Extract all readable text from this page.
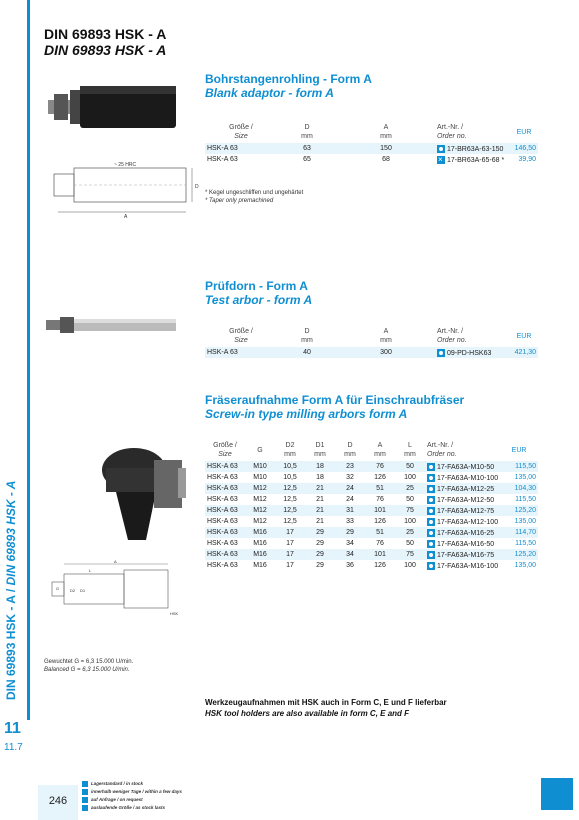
DIN 69893 HSK - A / DIN 69893 HSK - A
11
11.7
DIN 69893 HSK - A
DIN 69893 HSK - A
Bohrstangenrohling - Form A
Blank adaptor - form A
~ 25 HRC
D
A
Größe /
Size	D
mm	A
mm	Art.-Nr. /
Order no.	EUR
HSK-A 63	63	150	17-BR63A-63-150	146,50
HSK-A 63	65	68	×17-BR63A-65-68 *	39,90
* Kegel ungeschliffen und ungehärtet
* Taper only premachined
Prüfdorn - Form A
Test arbor - form A
Größe /
Size	D
mm	A
mm	Art.-Nr. /
Order no.	EUR
HSK-A 63	40	300	09-PD-HSK63	421,30
Fräseraufnahme Form A für Einschraubfräser
Screw-in type milling arbors form A
A
L
G	D2 D1
HSK
Größe /
Size	G	D2
mm	D1
mm	D
mm	A
mm	L
mm	Art.-Nr. /
Order no.	EUR
HSK-A 63	M10	10,5	18	23	76	50	17-FA63A-M10-50	115,50
HSK-A 63	M10	10,5	18	32	126	100	17-FA63A-M10-100	135,00
HSK-A 63	M12	12,5	21	24	51	25	17-FA63A-M12-25	104,30
HSK-A 63	M12	12,5	21	24	76	50	17-FA63A-M12-50	115,50
HSK-A 63	M12	12,5	21	31	101	75	17-FA63A-M12-75	125,20
HSK-A 63	M12	12,5	21	33	126	100	17-FA63A-M12-100	135,00
HSK-A 63	M16	17	29	29	51	25	17-FA63A-M16-25	114,70
HSK-A 63	M16	17	29	34	76	50	17-FA63A-M16-50	115,50
HSK-A 63	M16	17	29	34	101	75	17-FA63A-M16-75	125,20
HSK-A 63	M16	17	29	36	126	100	17-FA63A-M16-100	135,00
Gewuchtet G = 6,3 15.000 U/min.
Balanced G = 6,3 15.000 U/min.
Werkzeugaufnahmen mit HSK auch in Form C, E und F lieferbar
HSK tool holders are also available in form C, E and F
246
Lagerstandard / in stock
innerhalb weniger Tage / within a few days
auf Anfrage / on request
auslaufende Größe / as stock lasts
